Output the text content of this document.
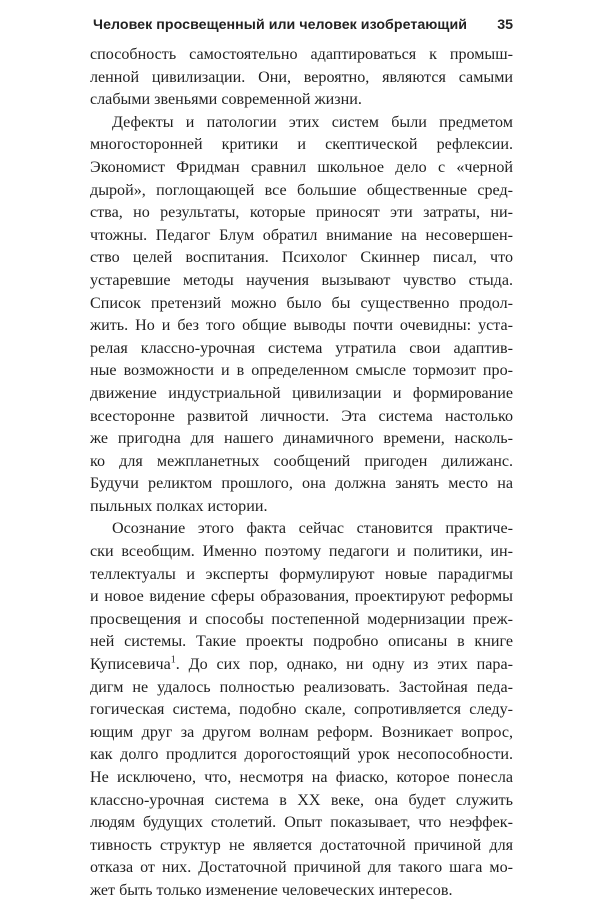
Человек просвещенный или человек изобретающий 35

способность самостоятельно адаптироваться к промыш-
ленной цивилизации. Они, вероятно, являются самыми
слабыми звеньями современной жизни.

Дефекты и патологии этих систем были предметом
многосторонней критики и скептической рефлексии.
Экономист Фридман сравнил школьное дело с «черной
дырой», поглощающей все большие общественные сред-
ства, но результаты, которые приносят эти затраты, ни-
чтожны. Педагог Блум обратил внимание на несовершен-
ство целей воспитания. Психолог Скиннер писал, что
устаревшие методы научения вызывают чувство стыда.
Список претензий можно было бы существенно продол-
жить. Но и без того общие выводы почти очевидны: уста-
релая классно-урочная система утратила свои адаптив-
ные возможности и в определенном смысле тормозит про-
движение индустриальной цивилизации и формирование
всесторонне развитой личности. Эта система настолько
же пригодна для нашего динамичного времени, насколь-
ко для межпланетных сообщений пригоден дилижанс.
Будучи реликтом прошлого, она должна занять место на
пыльных полках истории.

Осознание этого факта сейчас становится практиче-
ски всеобщим. Именно поэтому педагоги и политики, ин-
теллектуалы и эксперты формулируют новые парадигмы
и новое видение сферы образования, проектируют реформы
просвещения и способы постепенной модернизации преж-
ней системы. Такие проекты подробно описаны в книге
Куписевича$^1$. До сих пор, однако, ни одну из этих пара-
дигм не удалось полностью реализовать. Застойная педа-
гогическая система, подобно скале, сопротивляется следу-
ющим друг за другом волнам реформ. Возникает вопрос,
как долго продлится дорогостоящий урок несопособности.
Не исключено, что, несмотря на фиаско, которое понесла
классно-урочная система в XX веке, она будет служить
людям будущих столетий. Опыт показывает, что неэффек-
тивность структур не является достаточной причиной для
отказа от них. Достаточной причиной для такого шага мо-
жет быть только изменение человеческих интересов.
